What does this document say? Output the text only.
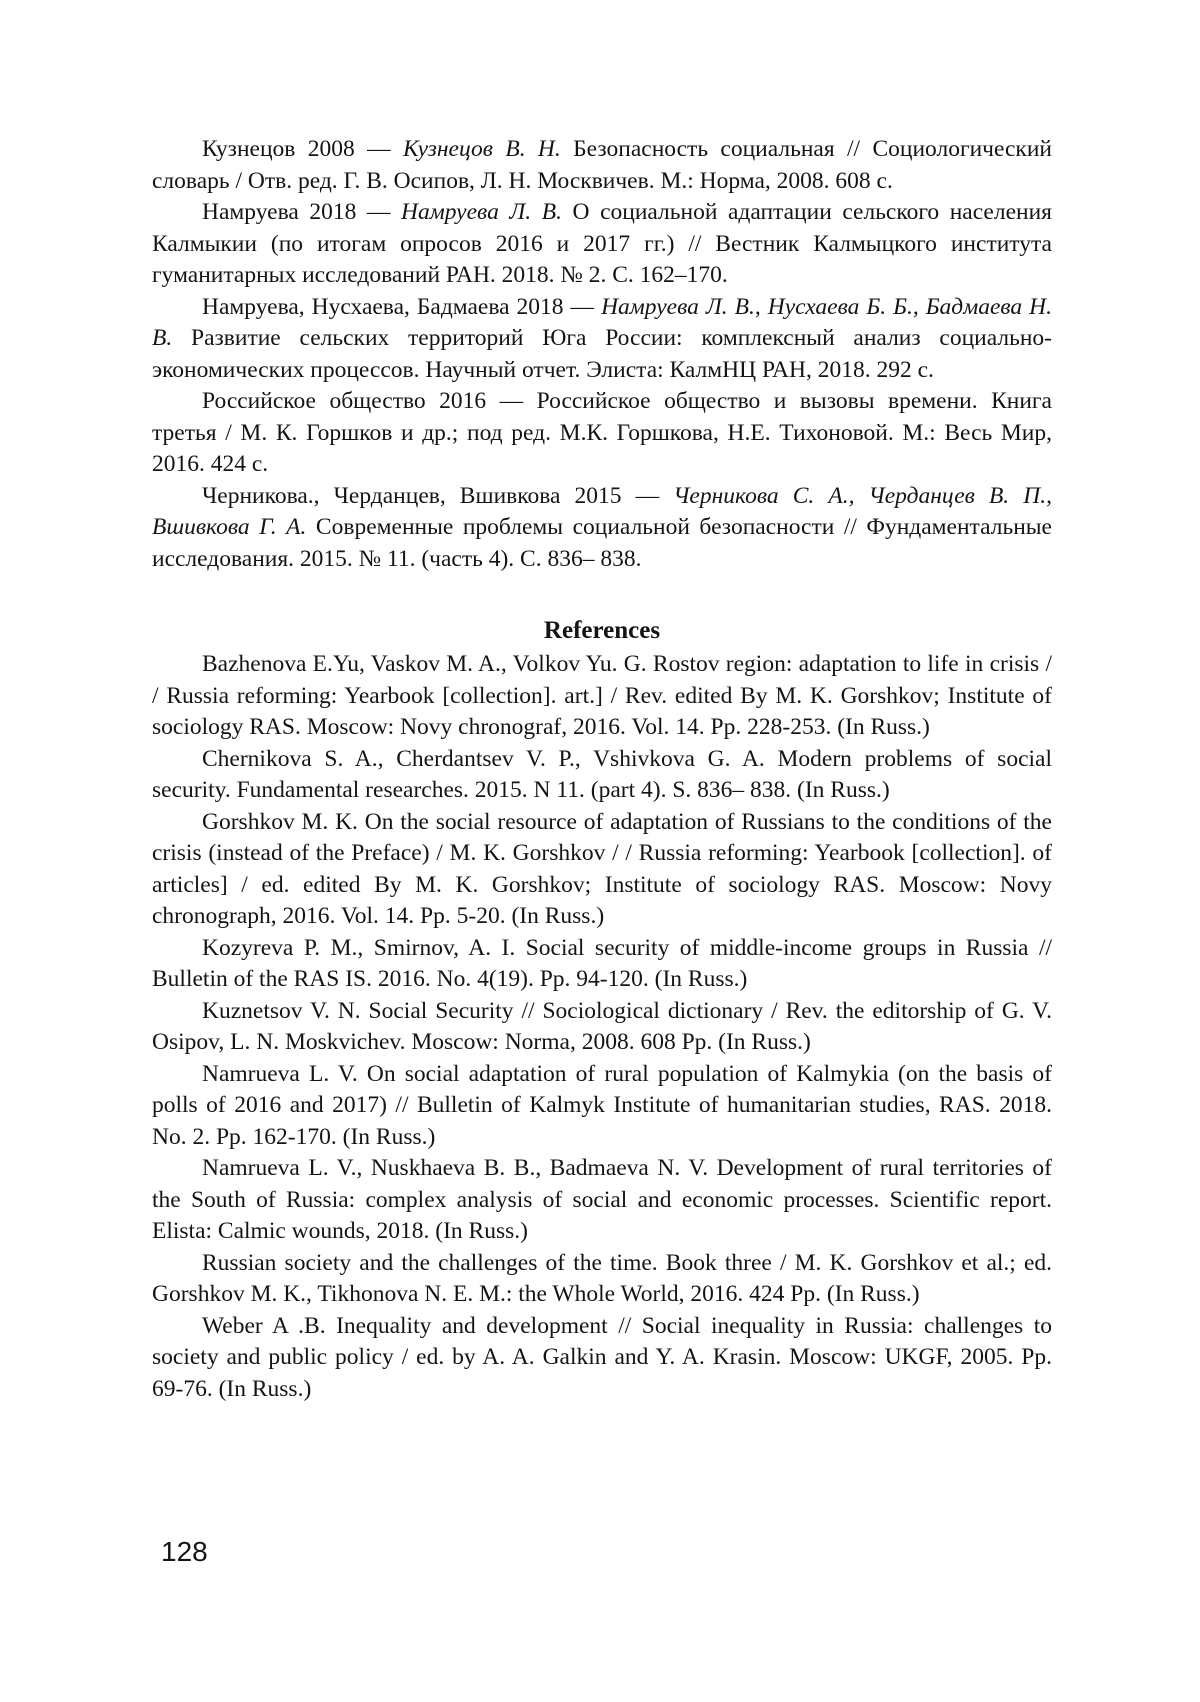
Кузнецов 2008 — Кузнецов В. Н. Безопасность социальная // Социологический словарь / Отв. ред. Г. В. Осипов, Л. Н. Москвичев. М.: Норма, 2008. 608 с.

Намруева 2018 — Намруева Л. В. О социальной адаптации сельского населения Калмыкии (по итогам опросов 2016 и 2017 гг.) // Вестник Калмыцкого института гуманитарных исследований РАН. 2018. № 2. С. 162–170.

Намруева, Нусхаева, Бадмаева 2018 — Намруева Л. В., Нусхаева Б. Б., Бадмаева Н. В. Развитие сельских территорий Юга России: комплексный анализ социально-экономических процессов. Научный отчет. Элиста: КалмНЦ РАН, 2018. 292 с.

Российское общество 2016 — Российское общество и вызовы времени. Книга третья / М. К. Горшков и др.; под ред. М.К. Горшкова, Н.Е. Тихоновой. М.: Весь Мир, 2016. 424 с.

Черникова., Черданцев, Вшивкова 2015 — Черникова С. А., Черданцев В. П., Вшивкова Г. А. Современные проблемы социальной безопасности // Фундаментальные исследования. 2015. № 11. (часть 4). С. 836– 838.

References

Bazhenova E.Yu, Vaskov M. A., Volkov Yu. G. Rostov region: adaptation to life in crisis / / Russia reforming: Yearbook [collection]. art.] / Rev. edited By M. K. Gorshkov; Institute of sociology RAS. Moscow: Novy chronograf, 2016. Vol. 14. Pp. 228-253. (In Russ.)

Chernikova S. A., Cherdantsev V. P., Vshivkova G. A. Modern problems of social security. Fundamental researches. 2015. N 11. (part 4). S. 836– 838. (In Russ.)

Gorshkov M. K. On the social resource of adaptation of Russians to the conditions of the crisis (instead of the Preface) / M. K. Gorshkov / / Russia reforming: Yearbook [collection]. of articles] / ed. edited By M. K. Gorshkov; Institute of sociology RAS. Moscow: Novy chronograph, 2016. Vol. 14. Pp. 5-20. (In Russ.)

Kozyreva P. M., Smirnov, A. I. Social security of middle-income groups in Russia // Bulletin of the RAS IS. 2016. No. 4(19). Pp. 94-120. (In Russ.)

Kuznetsov V. N. Social Security // Sociological dictionary / Rev. the editorship of G. V. Osipov, L. N. Moskvichev. Moscow: Norma, 2008. 608 Pp. (In Russ.)

Namrueva L. V. On social adaptation of rural population of Kalmykia (on the basis of polls of 2016 and 2017) // Bulletin of Kalmyk Institute of humanitarian studies, RAS. 2018. No. 2. Pp. 162-170. (In Russ.)

Namrueva L. V., Nuskhaeva B. B., Badmaeva N. V. Development of rural territories of the South of Russia: complex analysis of social and economic processes. Scientific report. Elista: Calmic wounds, 2018. (In Russ.)

Russian society and the challenges of the time. Book three / M. K. Gorshkov et al.; ed. Gorshkov M. K., Tikhonova N. E. M.: the Whole World, 2016. 424 Pp. (In Russ.)

Weber A .B. Inequality and development // Social inequality in Russia: challenges to society and public policy / ed. by A. A. Galkin and Y. A. Krasin. Moscow: UKGF, 2005. Pp. 69-76. (In Russ.)

128
